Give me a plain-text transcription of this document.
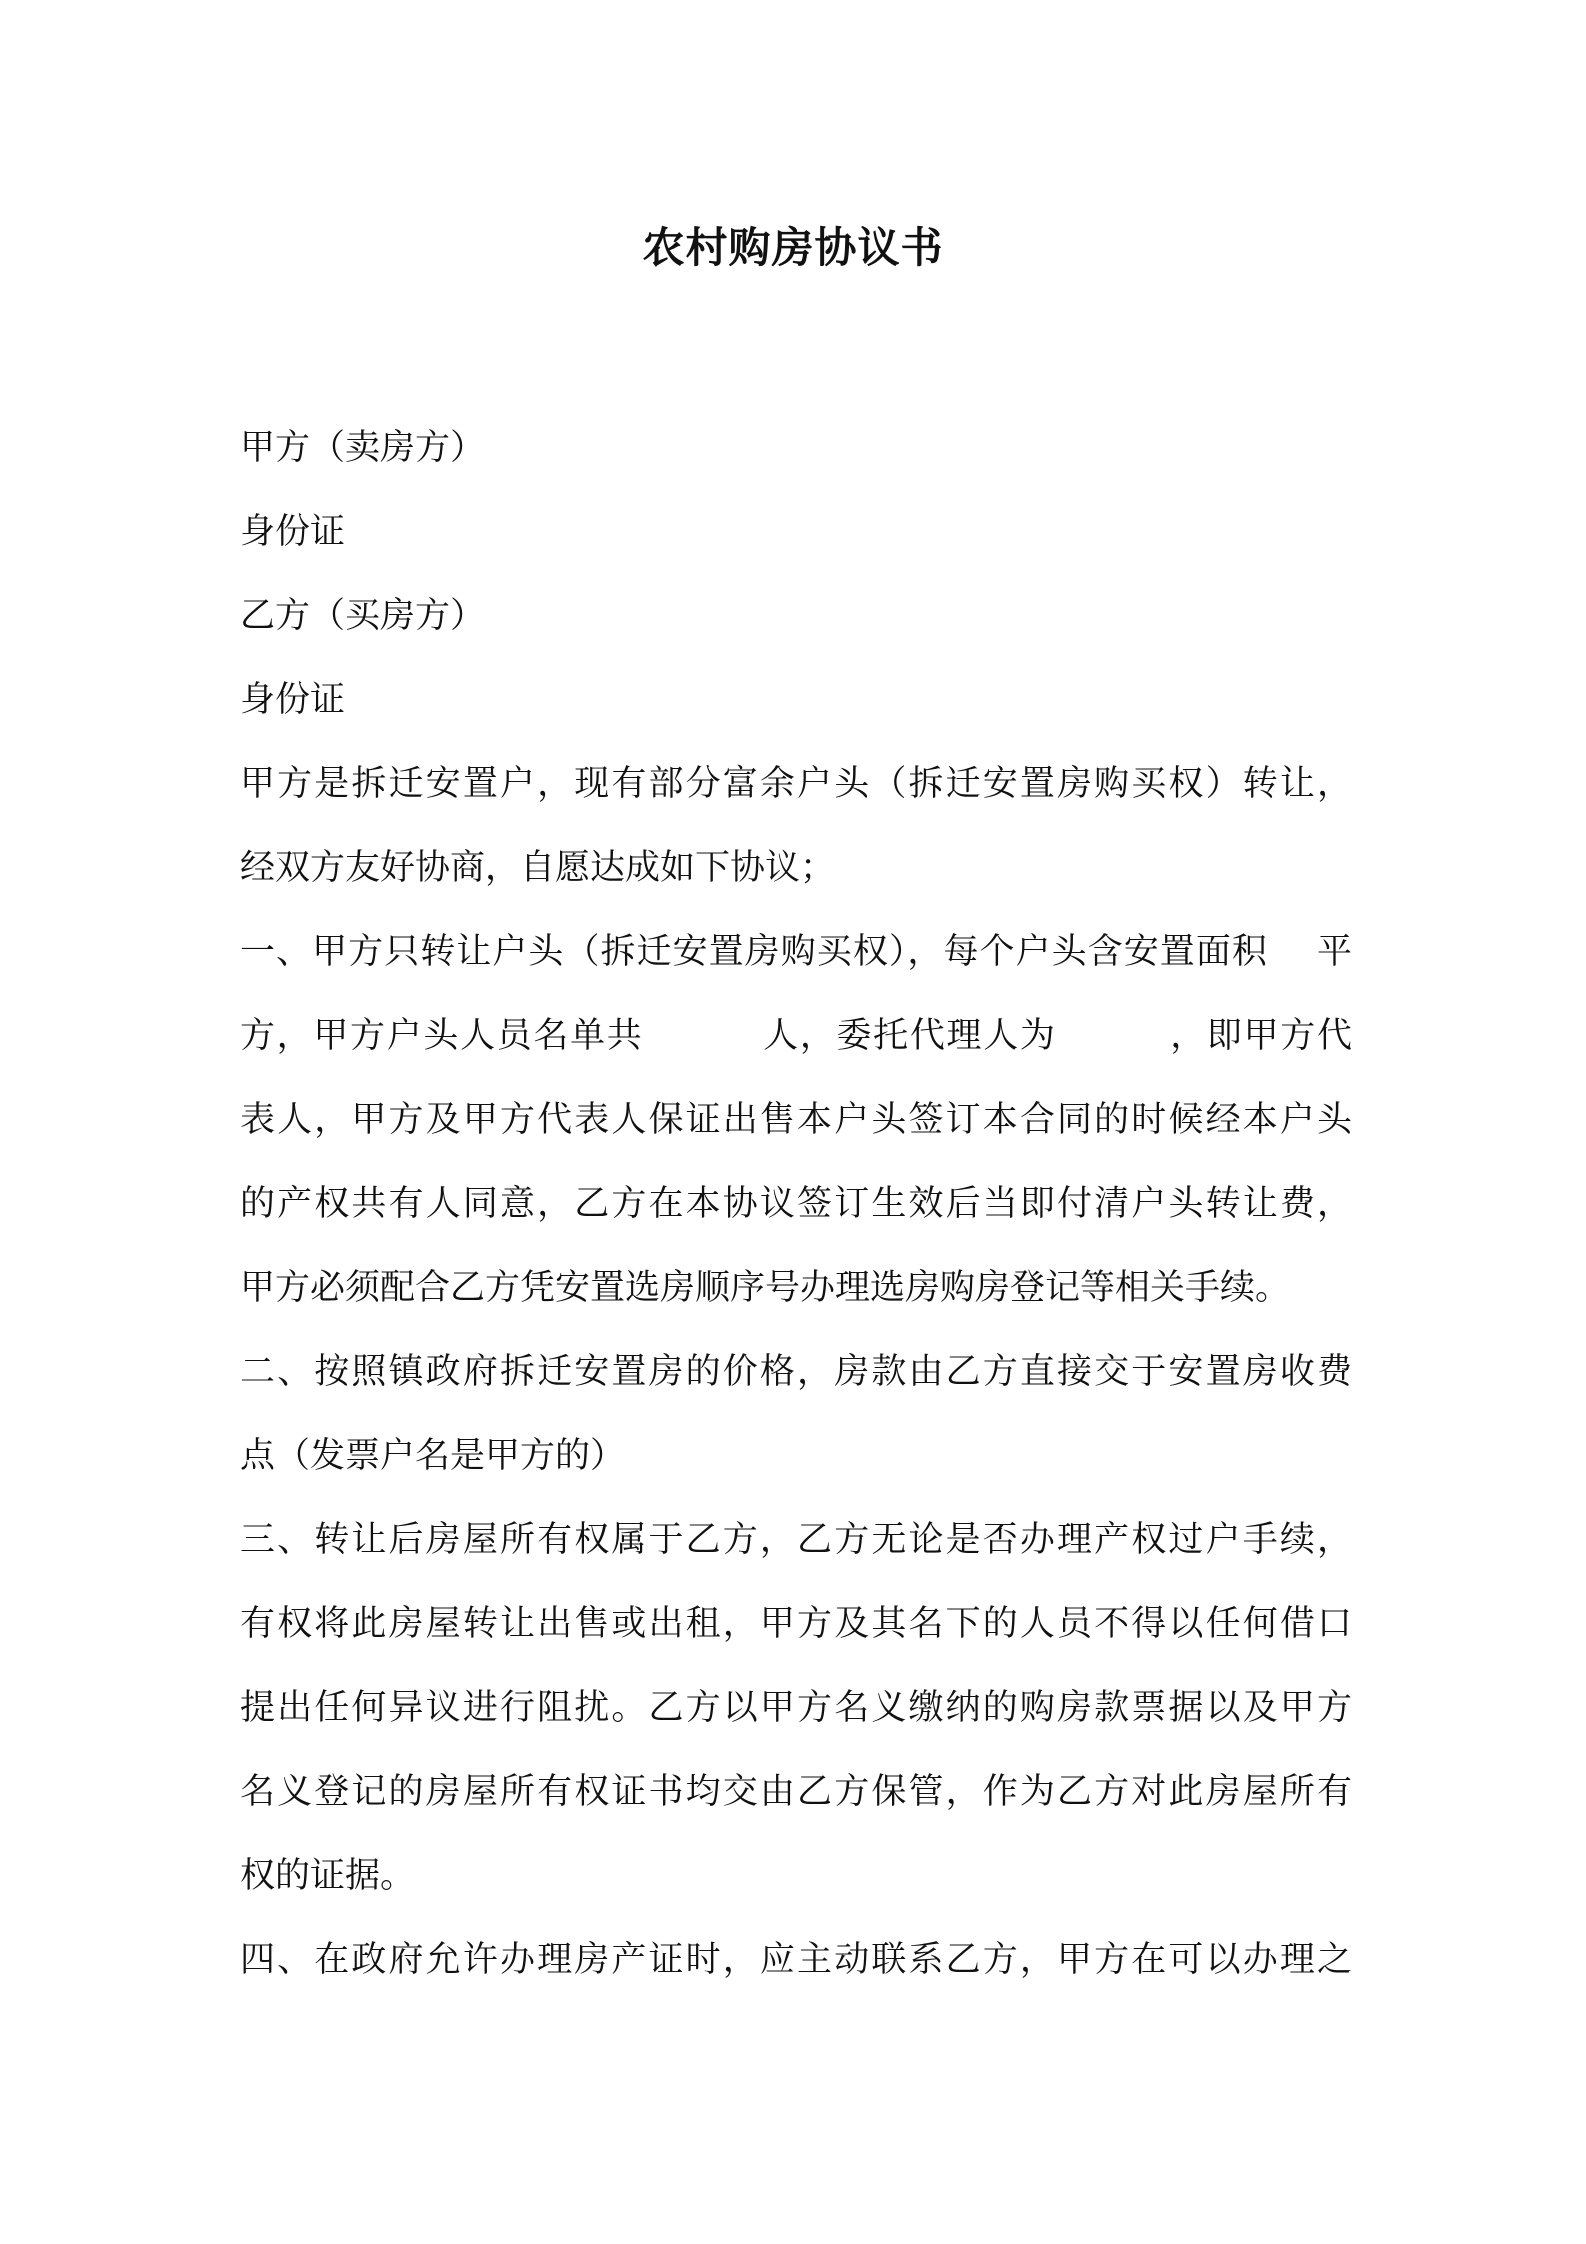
农村购房协议书

甲方（卖房方）

身份证

乙方（买房方）

身份证

甲方是拆迁安置户，现有部分富余户头（拆迁安置房购买权）转让，

经双方友好协商，自愿达成如下协议；

一、甲方只转让户头（拆迁安置房购买权），每个户头含安置面积 平

方，甲方户头人员名单共	人，委托代理人为	，即甲方代

表人，甲方及甲方代表人保证出售本户头签订本合同的时候经本户头

的产权共有人同意，乙方在本协议签订生效后当即付清户头转让费，

甲方必须配合乙方凭安置选房顺序号办理选房购房登记等相关手续。

二、按照镇政府拆迁安置房的价格，房款由乙方直接交于安置房收费

点（发票户名是甲方的）

三、转让后房屋所有权属于乙方，乙方无论是否办理产权过户手续，

有权将此房屋转让出售或出租，甲方及其名下的人员不得以任何借口

提出任何异议进行阻扰。乙方以甲方名义缴纳的购房款票据以及甲方

名义登记的房屋所有权证书均交由乙方保管，作为乙方对此房屋所有

权的证据。

四、在政府允许办理房产证时，应主动联系乙方，甲方在可以办理之
